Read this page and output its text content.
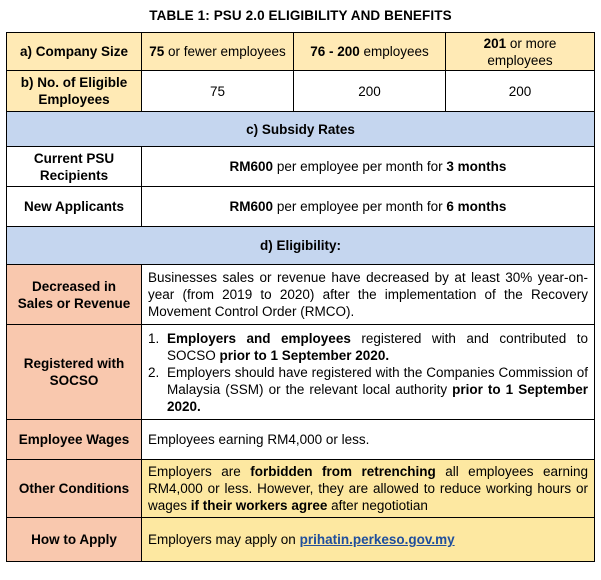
TABLE 1: PSU 2.0 ELIGIBILITY AND BENEFITS
a) Company Size	75 or fewer employees	76 - 200 employees	201 or more employees
b) No. of Eligible Employees	75	200	200
c) Subsidy Rates			
Current PSU Recipients	RM600 per employee per month for 3 months		
New Applicants	RM600 per employee per month for 6 months		
d) Eligibility:			
Decreased in Sales or Revenue	Businesses sales or revenue have decreased by at least 30% year-on-year (from 2019 to 2020) after the implementation of the Recovery Movement Control Order (RMCO).		
Registered with SOCSO	1. Employers and employees registered with and contributed to SOCSO prior to 1 September 2020.
2. Employers should have registered with the Companies Commission of Malaysia (SSM) or the relevant local authority prior to 1 September 2020.		

Employee Wages	Employees earning RM4,000 or less.		
Other Conditions	Employers are forbidden from retrenching all employees earning RM4,000 or less. However, they are allowed to reduce working hours or wages if their workers agree after negotiotian		
How to Apply	Employers may apply on prihatin.perkeso.gov.my		
